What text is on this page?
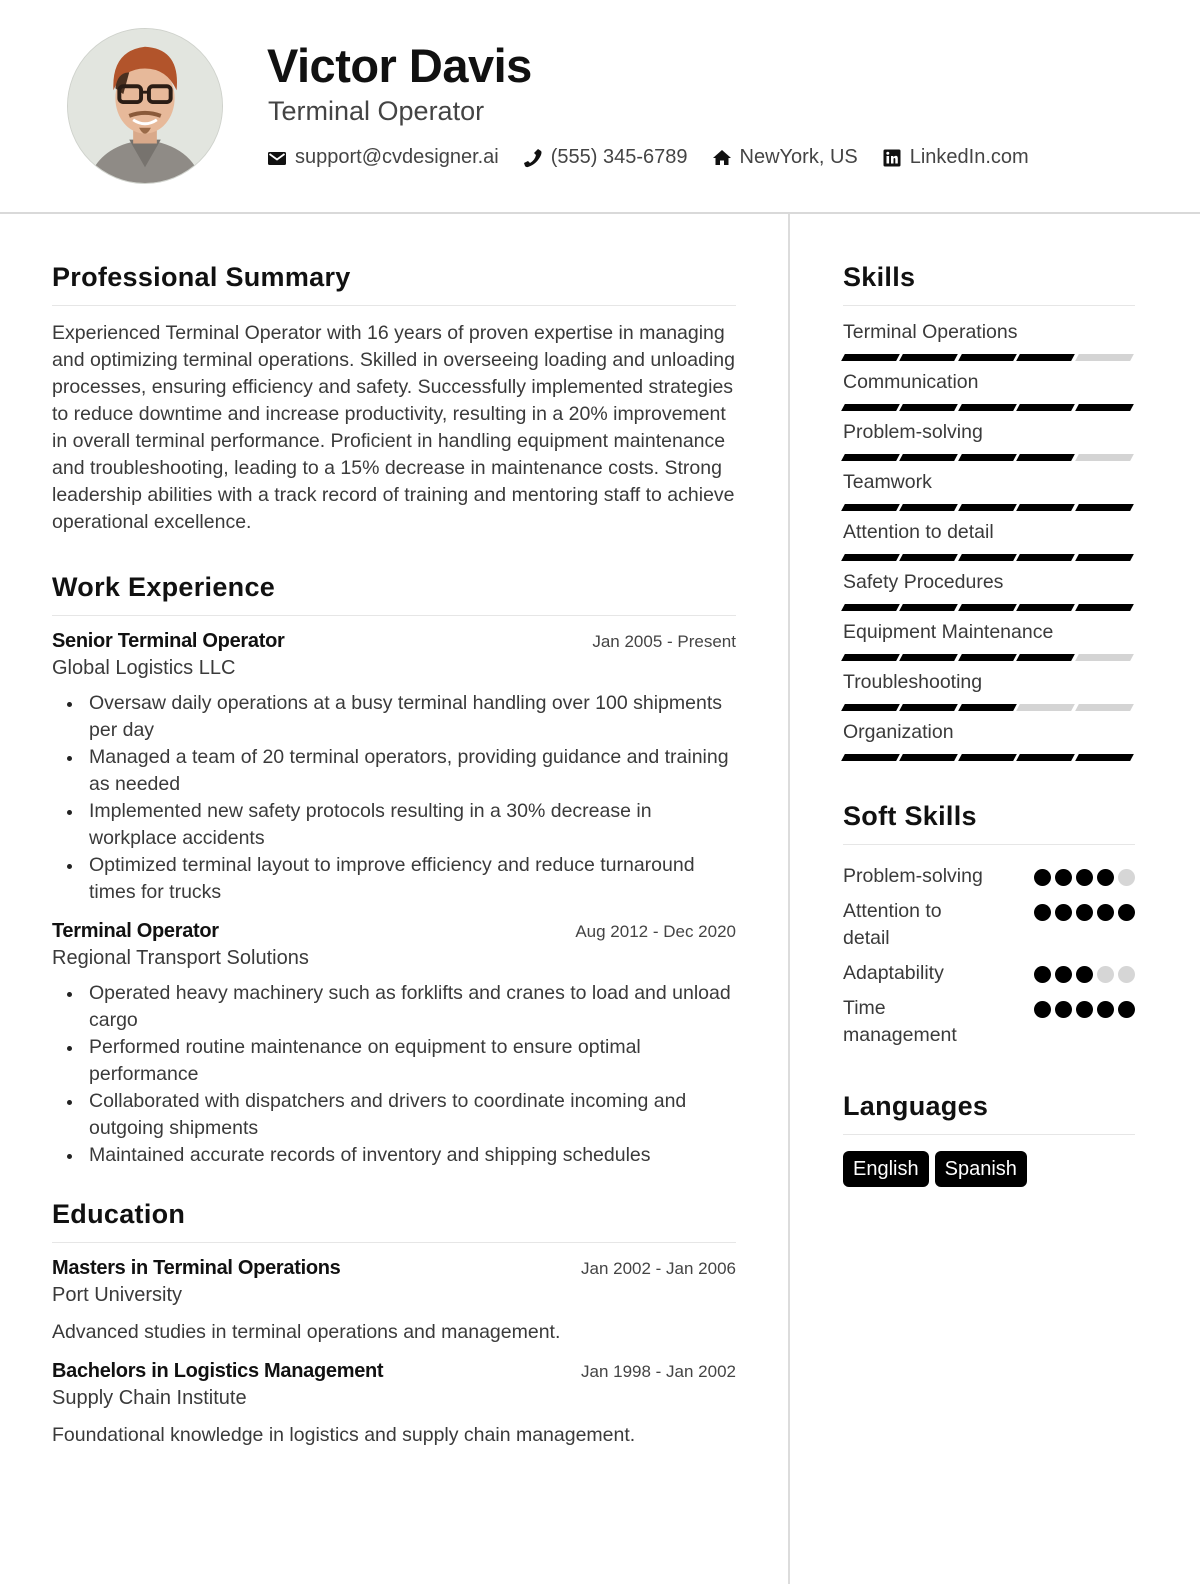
Victor Davis
Terminal Operator
support@cvdesigner.ai	(555) 345-6789	NewYork, US	LinkedIn.com
Professional Summary
Experienced Terminal Operator with 16 years of proven expertise in managing and optimizing terminal operations. Skilled in overseeing loading and unloading processes, ensuring efficiency and safety. Successfully implemented strategies to reduce downtime and increase productivity, resulting in a 20% improvement in overall terminal performance. Proficient in handling equipment maintenance and troubleshooting, leading to a 15% decrease in maintenance costs. Strong leadership abilities with a track record of training and mentoring staff to achieve operational excellence.
Work Experience
Senior Terminal Operator	Jan 2005 - Present
Global Logistics LLC
Oversaw daily operations at a busy terminal handling over 100 shipments per day
Managed a team of 20 terminal operators, providing guidance and training as needed
Implemented new safety protocols resulting in a 30% decrease in workplace accidents
Optimized terminal layout to improve efficiency and reduce turnaround times for trucks
Terminal Operator	Aug 2012 - Dec 2020
Regional Transport Solutions
Operated heavy machinery such as forklifts and cranes to load and unload cargo
Performed routine maintenance on equipment to ensure optimal performance
Collaborated with dispatchers and drivers to coordinate incoming and outgoing shipments
Maintained accurate records of inventory and shipping schedules
Education
Masters in Terminal Operations	Jan 2002 - Jan 2006
Port University
Advanced studies in terminal operations and management.
Bachelors in Logistics Management	Jan 1998 - Jan 2002
Supply Chain Institute
Foundational knowledge in logistics and supply chain management.
Skills
Terminal Operations
Communication
Problem-solving
Teamwork
Attention to detail
Safety Procedures
Equipment Maintenance
Troubleshooting
Organization
Soft Skills
Problem-solving
Attention to detail
Adaptability
Time management
Languages
English	Spanish
